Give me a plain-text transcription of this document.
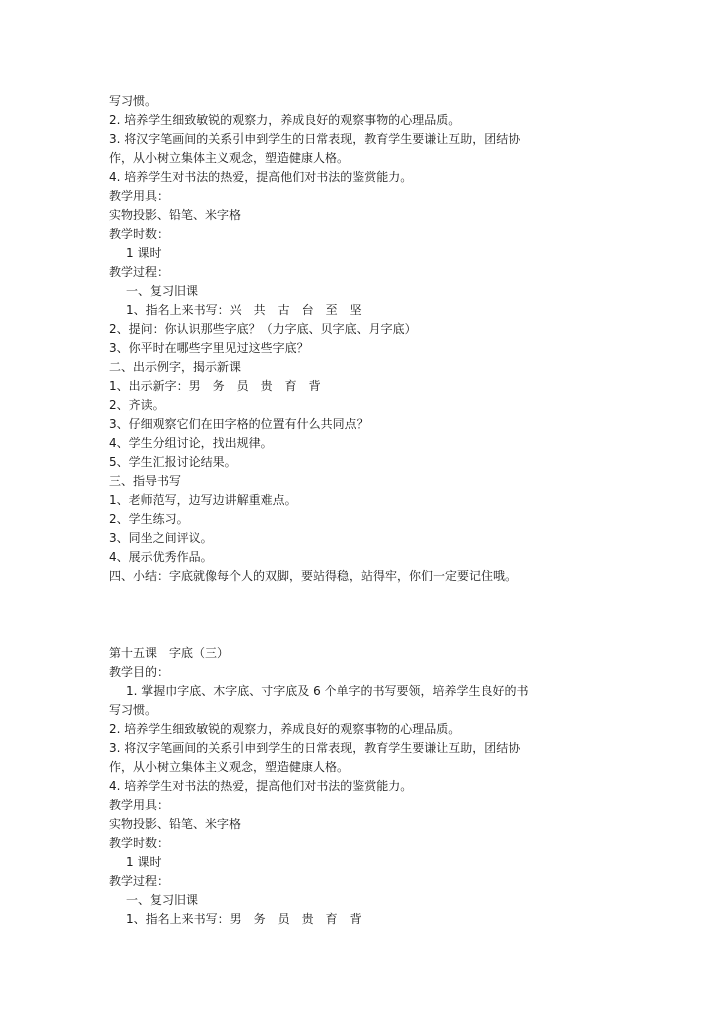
写习惯。
2. 培养学生细致敏锐的观察力，养成良好的观察事物的心理品质。
3. 将汉字笔画间的关系引申到学生的日常表现，教育学生要谦让互助，团结协
作，从小树立集体主义观念，塑造健康人格。
4. 培养学生对书法的热爱，提高他们对书法的鉴赏能力。
教学用具：
实物投影、铅笔、米字格
教学时数：
1 课时
教学过程：
一、复习旧课
1、指名上来书写：兴　共　古　台　至　坚
2、提问：你认识那些字底？（力字底、贝字底、月字底）
3、你平时在哪些字里见过这些字底？
二、出示例字，揭示新课
1、出示新字：男　务　员　贵　育　背
2、齐读。
3、仔细观察它们在田字格的位置有什么共同点？
4、学生分组讨论，找出规律。
5、学生汇报讨论结果。
三、指导书写
1、老师范写，边写边讲解重难点。
2、学生练习。
3、同坐之间评议。
4、展示优秀作品。
四、小结：字底就像每个人的双脚，要站得稳，站得牢，你们一定要记住哦。
第十五课　字底（三）
教学目的：
1. 掌握巾字底、木字底、寸字底及 6 个单字的书写要领，培养学生良好的书
写习惯。
2. 培养学生细致敏锐的观察力，养成良好的观察事物的心理品质。
3. 将汉字笔画间的关系引申到学生的日常表现，教育学生要谦让互助，团结协
作，从小树立集体主义观念，塑造健康人格。
4. 培养学生对书法的热爱，提高他们对书法的鉴赏能力。
教学用具：
实物投影、铅笔、米字格
教学时数：
1 课时
教学过程：
一、复习旧课
1、指名上来书写：男　务　员　贵　育　背
